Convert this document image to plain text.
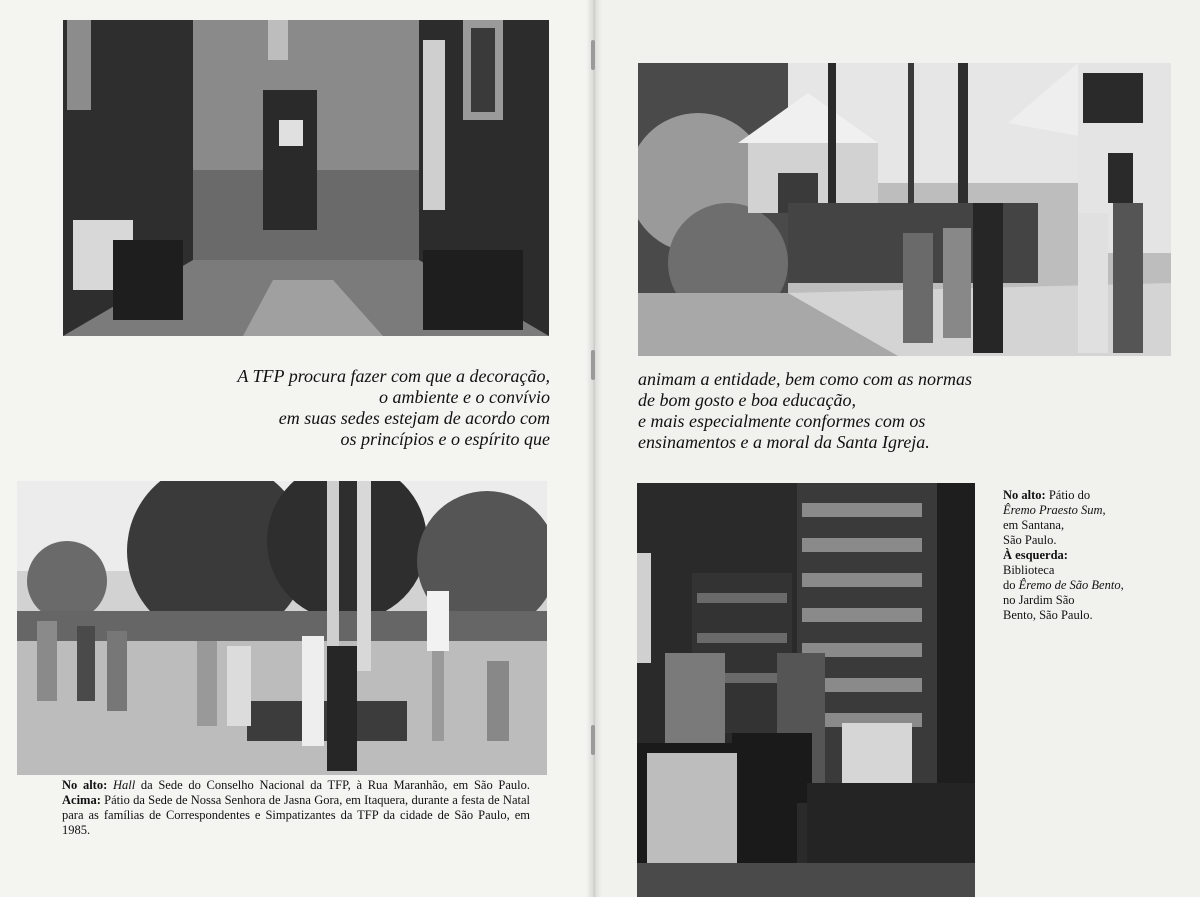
A TFP procura fazer com que a decoração,
o ambiente e o convívio
em suas sedes estejam de acordo com
os princípios e o espírito que
animam a entidade, bem como com as normas
de bom gosto e boa educação,
e mais especialmente conformes com os
ensinamentos e a moral da Santa Igreja.
No alto: Hall da Sede do Conselho Nacional da TFP, à Rua Maranhão, em São Paulo. Acima: Pátio da Sede de Nossa Senhora de Jasna Gora, em Itaquera, durante a festa de Natal para as famílias de Correspondentes e Simpatizantes da TFP da cidade de São Paulo, em 1985.
No alto: Pátio do
Êremo Praesto Sum,
em Santana,
São Paulo.
À esquerda:
Biblioteca
do Êremo de São Bento,
no Jardim São
Bento, São Paulo.
